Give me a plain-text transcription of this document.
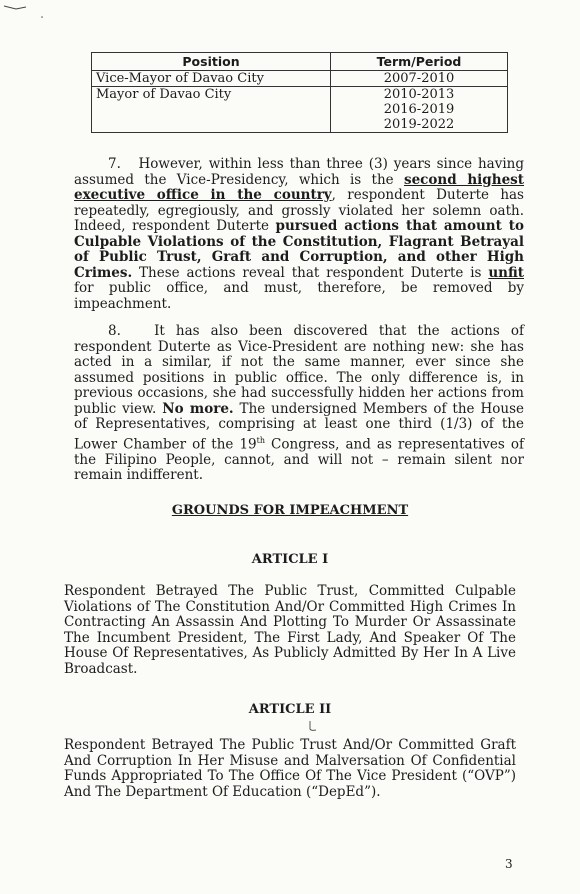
Position	Term/Period
Vice-Mayor of Davao City	2007-2010

Mayor of Davao City	2010-2013
2016-2019
2019-2022

7. However, within less than three (3) years since having assumed the Vice-Presidency, which is the second highest executive office in the country, respondent Duterte has repeatedly, egregiously, and grossly violated her solemn oath. Indeed, respondent Duterte pursued actions that amount to Culpable Violations of the Constitution, Flagrant Betrayal of Public Trust, Graft and Corruption, and other High Crimes. These actions reveal that respondent Duterte is unfit for public office, and must, therefore, be removed by impeachment.

8. It has also been discovered that the actions of respondent Duterte as Vice-President are nothing new: she has acted in a similar, if not the same manner, ever since she assumed positions in public office. The only difference is, in previous occasions, she had successfully hidden her actions from public view. No more. The undersigned Members of the House of Representatives, comprising at least one third (1/3) of the Lower Chamber of the 19th Congress, and as representatives of the Filipino People, cannot, and will not – remain silent nor remain indifferent.

GROUNDS FOR IMPEACHMENT

ARTICLE I

Respondent Betrayed The Public Trust, Committed Culpable Violations of The Constitution And/Or Committed High Crimes In Contracting An Assassin And Plotting To Murder Or Assassinate The Incumbent President, The First Lady, And Speaker Of The House Of Representatives, As Publicly Admitted By Her In A Live Broadcast.

ARTICLE II

Respondent Betrayed The Public Trust And/Or Committed Graft And Corruption In Her Misuse and Malversation Of Confidential Funds Appropriated To The Office Of The Vice President (“OVP”) And The Department Of Education (“DepEd”).

3
